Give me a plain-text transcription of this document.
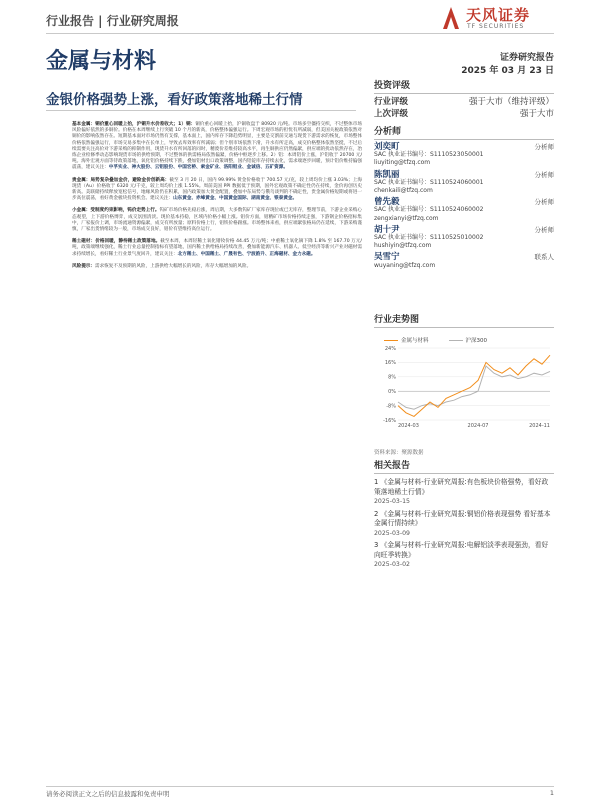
行业报告 | 行业研究周报	天风证券
TF SECURITIES
金属与材料	证券研究报告
2025 年 03 月 23 日
金银价格强势上涨，看好政策落地稀土行情

基本金属：铜价重心回暖上抬，沪铜升水价差收大；1）铜：铜价重心回暖上抬，沪铜收盘于 80920 元/吨。市场多空僵持交织，不过整体市场风险偏好依然的多铜价。价格在本周继续上行突破 10 个月的新高，价格整体偏强运行。下周宏观市场的担忧有所减弱，但美国关税政策依然对铜价的影响依然存在。短期基本面对市场仍然有支撑，基本面上，国内库存下降趋势明显，主要是交割前交通与现货下游需求的恢复，市场整体价格依然偏强运行，市场交易多集中在长单上，导致去库效率有所减弱；但个别市场依然下滑，升水有所走高，成交价格整体依然坚挺，不过后续需要关注高价对下游采购的抑制作用，现货升水有所回落的同时，精废价差维持较高水平，再生铜供应仍然偏紧，供应端的扰动依然存在，冶炼企业检修季动态影响现货市场的供给预期，不过整体的供需格局依然偏紧，价格中枢逐步上移。2）铝：本周铝价上涨，沪铝收于 20700 元/吨。海外宏观方面等待政策落地，氧化铝价格持续下跌，叠加铝材出口政策调整，国内铝锭库存持续去化，需求端逐步回暖，预计铝价维持偏强震荡，建议关注：中孚实业、神火股份、云铝股份、中国宏桥、索金矿业、洛阳钼业、金诚信、五矿资源。

贵金属：局势复杂叠加金价，避险金价创新高：截至 3 月 20 日，国内 99.99% 黄金价格收于 700.57 元/克，较上周均价上涨 3.03%；上海现货（Au）价格收于 6320 元/千克，较上周均价上涨 1.55%。周前美国 PPI 数据低于预期，国外宏观政策不确定性仍在持续，金价再创历史新高。美联储持续释放宽松信号，地缘风险仍在积累，国内政策加大黄金配置，叠加中东局势与俄乌谈判的不确定性，贵金属价格短期或将进一步高位震荡，看好黄金板块投资机会。建议关注：山东黄金、赤峰黄金、中国黄金国际、湖南黄金、银泰黄金。

小金属：受制度约束影响，钨价走势上行。钨矿市场价格先稳后涨，周后期，大多数钨矿厂家库存现位或已无库存，整理节前，下游企业采购心态观望，上下游价格博弈，成交氛围清淡。现价基本持稳，区域内价格小幅上涨。钼价方面，钼精矿市场价格持续走强，下游钢企价格招标集中，厂家报价上调，市场流通资源偏紧，成交有所放量；原料价格上行，钼铁价格跟涨。市场整体来看，供应端紧张格局仍在延续，下游采购谨慎，厂家出货情绪较为一般，市场成交良好，钼价有望维持高位运行。

稀土磁材：价格回暖，静待稀土政策落地。截至本周，本周轻稀土氧化镨钕价格 44.45 万元/吨；中重稀土氧化镝下降 1.8% 至 167.70 万元/吨，政策端继续强化，稀土行业总量控制指标有望落地，国内稀土供给格局持续改善，叠加新能源汽车、机器人、低空经济等新兴产业对磁材需求持续增长，看好稀土行业景气度回升，建议关注：北方稀土、中国稀土、广晟有色、宁波韵升、正海磁材、金力永磁。

风险提示：需求恢复不及预期的风险，上游供给大幅增长的风险，库存大幅增加的风险。

投资评级
行业评级	强于大市（维持评级）
上次评级	强于大市
分析师
刘奕町	分析师
SAC 执业证书编号：S1110523050001
liuyiting@tfzq.com
陈凯丽	分析师
SAC 执业证书编号：S1110524060001
chenkaili@tfzq.com
曾先毅	分析师
SAC 执业证书编号：S1110524060002
zengxianyi@tfzq.com
胡十尹	分析师
SAC 执业证书编号：S1110525010002
hushiyin@tfzq.com
吴雪宁	联系人
wuyaning@tfzq.com
行业走势图
金属与材料	沪深300
-16%
-8%
0%
8%
16%
24%
2024-03	2024-07	2024-11
资料来源：聚源数据
相关报告
1 《金属与材料-行业研究周报:有色板块价格强势，看好政策落地稀土行情》
2025-03-15
2 《金属与材料-行业研究周报:铜铝价格表现强势 看好基本金属行情持续》
2025-03-09
3 《金属与材料-行业研究周报:电解铝淡季表现强劲，看好向旺季转换》
2025-03-02
请务必阅读正文之后的信息披露和免责申明	1
